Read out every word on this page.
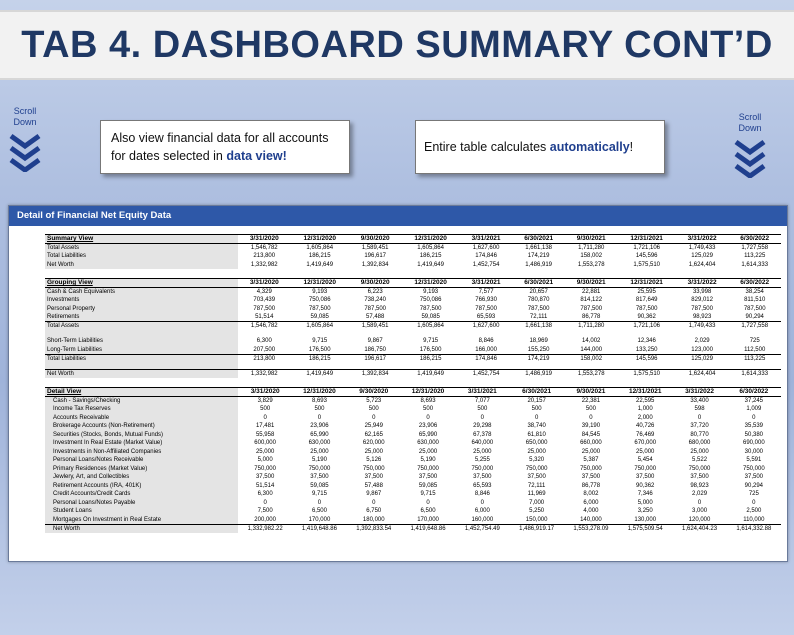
TAB 4. DASHBOARD SUMMARY CONT’D
Scroll Down	Scroll Down
Also view financial data for all accounts for dates selected in data view!
Entire table calculates automatically!
Detail of Financial Net Equity Data
Summary View	3/31/2020	12/31/2020	9/30/2020	12/31/2020	3/31/2021	6/30/2021	9/30/2021	12/31/2021	3/31/2022	6/30/2022
Total Assets	1,546,782	1,605,864	1,589,451	1,605,864	1,627,600	1,661,138	1,711,280	1,721,106	1,749,433	1,727,558
Total Liabilities	213,800	186,215	196,617	186,215	174,846	174,219	158,002	145,596	125,029	113,225
Net Worth	1,332,982	1,419,649	1,392,834	1,419,649	1,452,754	1,486,919	1,553,278	1,575,510	1,624,404	1,614,333
Grouping View	3/31/2020	12/31/2020	9/30/2020	12/31/2020	3/31/2021	6/30/2021	9/30/2021	12/31/2021	3/31/2022	6/30/2022
Cash & Cash Equivalents	4,329	9,193	6,223	9,193	7,577	20,657	22,881	25,595	33,998	38,254
Investments	703,439	750,086	738,240	750,086	766,930	780,870	814,122	817,649	829,012	811,510
Personal Property	787,500	787,500	787,500	787,500	787,500	787,500	787,500	787,500	787,500	787,500
Retirements	51,514	59,085	57,488	59,085	65,593	72,111	86,778	90,362	98,923	90,294
Total Assets	1,546,782	1,605,864	1,589,451	1,605,864	1,627,600	1,661,138	1,711,280	1,721,106	1,749,433	1,727,558

Short-Term Liabilities	6,300	9,715	9,867	9,715	8,846	18,969	14,002	12,346	2,029	725
Long-Term Liabilities	207,500	176,500	186,750	176,500	166,000	155,250	144,000	133,250	123,000	112,500
Total Liabilities	213,800	186,215	196,617	186,215	174,846	174,219	158,002	145,596	125,029	113,225

Net Worth	1,332,982	1,419,649	1,392,834	1,419,649	1,452,754	1,486,919	1,553,278	1,575,510	1,624,404	1,614,333
Detail View	3/31/2020	12/31/2020	9/30/2020	12/31/2020	3/31/2021	6/30/2021	9/30/2021	12/31/2021	3/31/2022	6/30/2022
Cash - Savings/Checking	3,829	8,693	5,723	8,693	7,077	20,157	22,381	22,595	33,400	37,245
Income Tax Reserves	500	500	500	500	500	500	500	1,000	598	1,009
Accounts Receivable	0	0	0	0	0	0	0	2,000	0	0
Brokerage Accounts (Non-Retirement)	17,481	23,906	25,949	23,906	29,298	38,740	39,190	40,726	37,720	35,539
Securities (Stocks, Bonds, Mutual Funds)	55,958	65,990	62,165	65,990	67,378	61,810	84,545	76,469	80,770	50,380
Investment In Real Estate (Market Value)	600,000	630,000	620,000	630,000	640,000	650,000	660,000	670,000	680,000	690,000
Investments in Non-Affiliated Companies	25,000	25,000	25,000	25,000	25,000	25,000	25,000	25,000	25,000	30,000
Personal Loans/Notes Receivable	5,000	5,190	5,126	5,190	5,255	5,320	5,387	5,454	5,522	5,591
Primary Residences (Market Value)	750,000	750,000	750,000	750,000	750,000	750,000	750,000	750,000	750,000	750,000
Jewlery, Art, and Collectibles	37,500	37,500	37,500	37,500	37,500	37,500	37,500	37,500	37,500	37,500
Retirement Accounts (IRA, 401K)	51,514	59,085	57,488	59,085	65,593	72,111	86,778	90,362	98,923	90,294
Credit Accounts/Credit Cards	6,300	9,715	9,867	9,715	8,846	11,969	8,002	7,346	2,029	725
Personal Loans/Notes Payable	0	0	0	0	0	7,000	6,000	5,000	0	0
Student Loans	7,500	6,500	6,750	6,500	6,000	5,250	4,000	3,250	3,000	2,500
Mortgages On Investment in Real Estate	200,000	170,000	180,000	170,000	160,000	150,000	140,000	130,000	120,000	110,000
Net Worth	1,332,982.22	1,419,648.86	1,392,833.54	1,419,648.86	1,452,754.49	1,486,919.17	1,553,278.09	1,575,509.54	1,624,404.23	1,614,332.88
